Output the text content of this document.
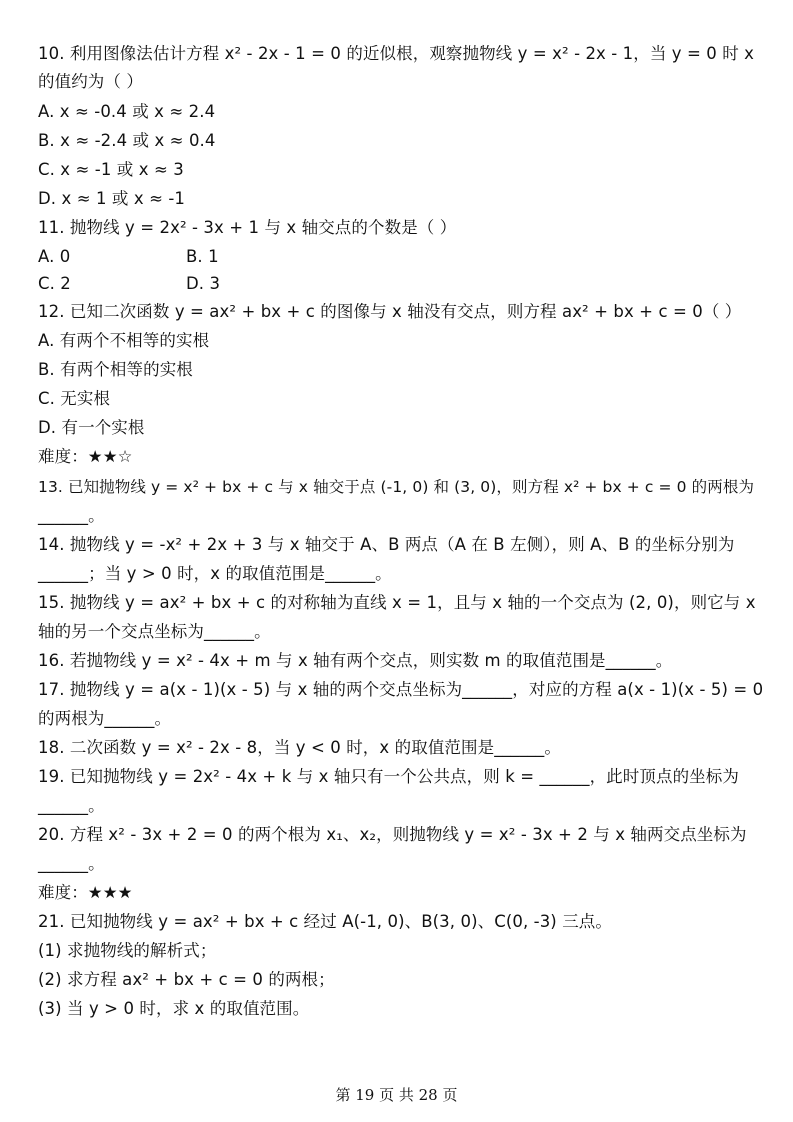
10. 利用图像法估计方程 x² - 2x - 1 = 0 的近似根，观察抛物线 y = x² - 2x - 1，当 y = 0 时 x
的值约为（ ）
A. x ≈ -0.4 或 x ≈ 2.4
B. x ≈ -2.4 或 x ≈ 0.4
C. x ≈ -1 或 x ≈ 3
D. x ≈ 1 或 x ≈ -1
11. 抛物线 y = 2x² - 3x + 1 与 x 轴交点的个数是（ ）
A. 0	B. 1
C. 2	D. 3
12. 已知二次函数 y = ax² + bx + c 的图像与 x 轴没有交点，则方程 ax² + bx + c = 0（ ）
A. 有两个不相等的实根
B. 有两个相等的实根
C. 无实根
D. 有一个实根
难度：★★☆
13. 已知抛物线 y = x² + bx + c 与 x 轴交于点 (-1, 0) 和 (3, 0)，则方程 x² + bx + c = 0 的两根为
______。
14. 抛物线 y = -x² + 2x + 3 与 x 轴交于 A、B 两点（A 在 B 左侧），则 A、B 的坐标分别为
______；当 y > 0 时，x 的取值范围是______。
15. 抛物线 y = ax² + bx + c 的对称轴为直线 x = 1，且与 x 轴的一个交点为 (2, 0)，则它与 x
轴的另一个交点坐标为______。
16. 若抛物线 y = x² - 4x + m 与 x 轴有两个交点，则实数 m 的取值范围是______。
17. 抛物线 y = a(x - 1)(x - 5) 与 x 轴的两个交点坐标为______，对应的方程 a(x - 1)(x - 5) = 0
的两根为______。
18. 二次函数 y = x² - 2x - 8，当 y < 0 时，x 的取值范围是______。
19. 已知抛物线 y = 2x² - 4x + k 与 x 轴只有一个公共点，则 k = ______，此时顶点的坐标为
______。
20. 方程 x² - 3x + 2 = 0 的两个根为 x₁、x₂，则抛物线 y = x² - 3x + 2 与 x 轴两交点坐标为
______。
难度：★★★
21. 已知抛物线 y = ax² + bx + c 经过 A(-1, 0)、B(3, 0)、C(0, -3) 三点。
(1) 求抛物线的解析式；
(2) 求方程 ax² + bx + c = 0 的两根；
(3) 当 y > 0 时，求 x 的取值范围。
第 19 页 共 28 页
